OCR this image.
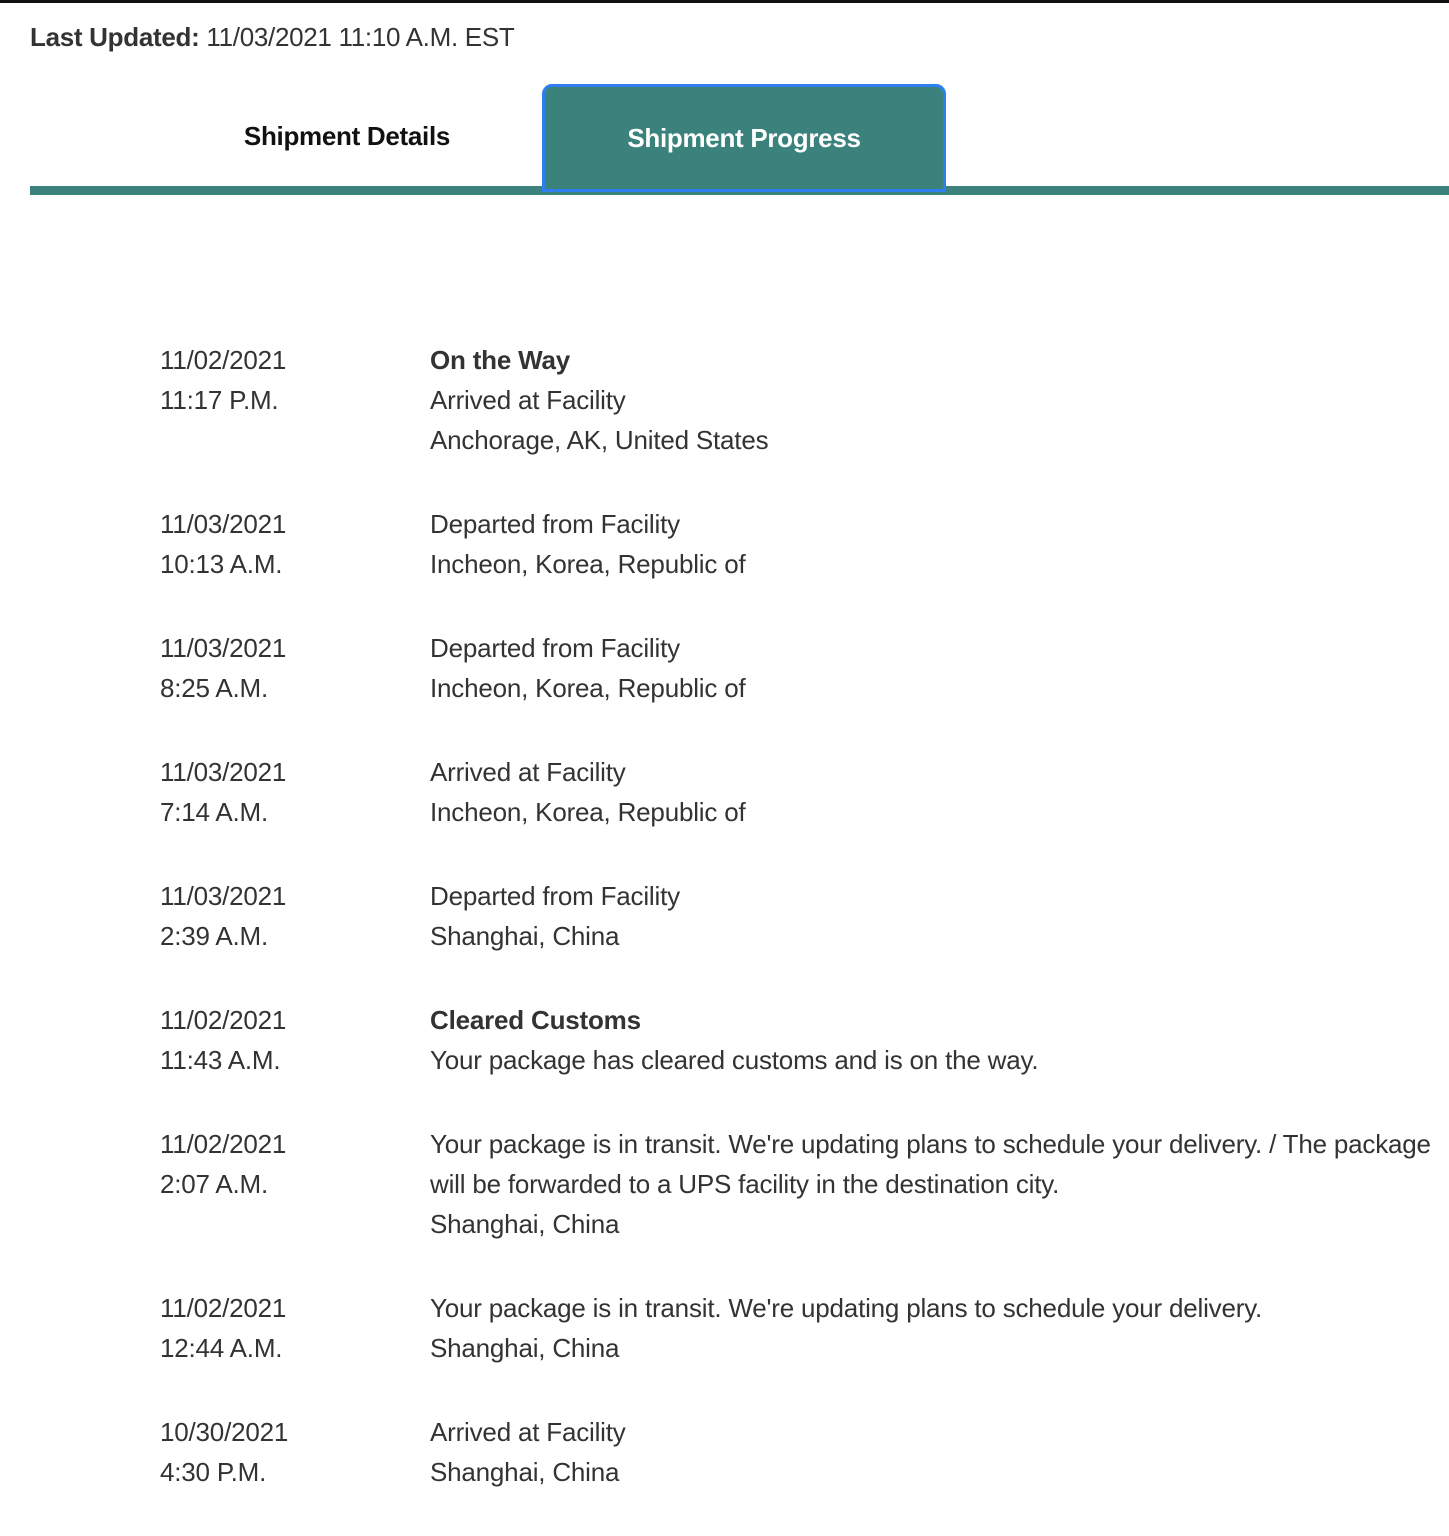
Last Updated: 11/03/2021 11:10 A.M. EST
Shipment Details	Shipment Progress
11/02/2021
11:17 P.M.
On the Way
Arrived at Facility
Anchorage, AK, United States
11/03/2021
10:13 A.M.
Departed from Facility
Incheon, Korea, Republic of
11/03/2021
8:25 A.M.
Departed from Facility
Incheon, Korea, Republic of
11/03/2021
7:14 A.M.
Arrived at Facility
Incheon, Korea, Republic of
11/03/2021
2:39 A.M.
Departed from Facility
Shanghai, China
11/02/2021
11:43 A.M.
Cleared Customs
Your package has cleared customs and is on the way.
11/02/2021
2:07 A.M.
Your package is in transit. We're updating plans to schedule your delivery. / The package will be forwarded to a UPS facility in the destination city.
Shanghai, China
11/02/2021
12:44 A.M.
Your package is in transit. We're updating plans to schedule your delivery.
Shanghai, China
10/30/2021
4:30 P.M.
Arrived at Facility
Shanghai, China
